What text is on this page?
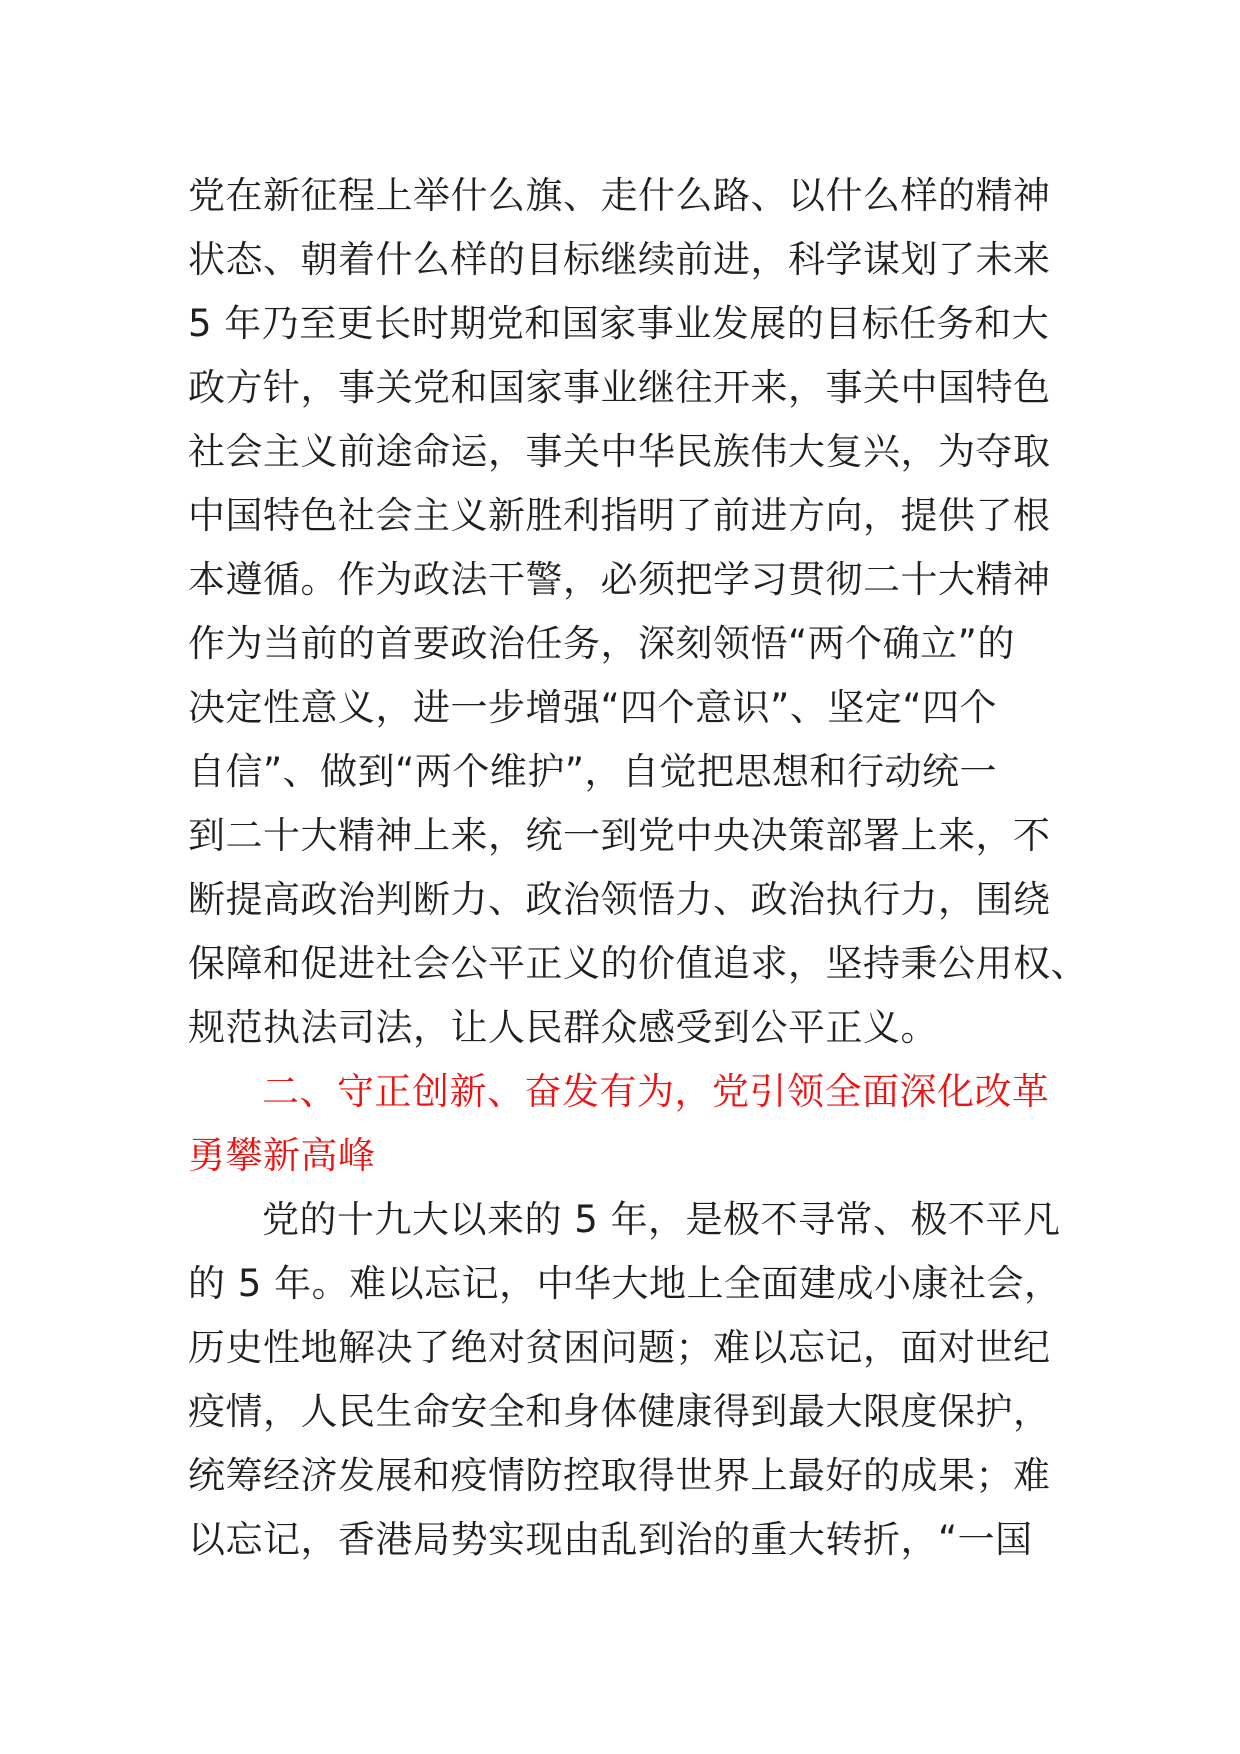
党在新征程上举什么旗、走什么路、以什么样的精神
状态、朝着什么样的目标继续前进，科学谋划了未来
5 年乃至更长时期党和国家事业发展的目标任务和大
政方针，事关党和国家事业继往开来，事关中国特色
社会主义前途命运，事关中华民族伟大复兴，为夺取
中国特色社会主义新胜利指明了前进方向，提供了根
本遵循。作为政法干警，必须把学习贯彻二十大精神
作为当前的首要政治任务，深刻领悟“两个确立”的
决定性意义，进一步增强“四个意识”、坚定“四个
自信”、做到“两个维护”，自觉把思想和行动统一
到二十大精神上来，统一到党中央决策部署上来，不
断提高政治判断力、政治领悟力、政治执行力，围绕
保障和促进社会公平正义的价值追求，坚持秉公用权、
规范执法司法，让人民群众感受到公平正义。
二、守正创新、奋发有为，党引领全面深化改革
勇攀新高峰
党的十九大以来的 5 年，是极不寻常、极不平凡
的 5 年。难以忘记，中华大地上全面建成小康社会，
历史性地解决了绝对贫困问题；难以忘记，面对世纪
疫情，人民生命安全和身体健康得到最大限度保护，
统筹经济发展和疫情防控取得世界上最好的成果；难
以忘记，香港局势实现由乱到治的重大转折，“一国
